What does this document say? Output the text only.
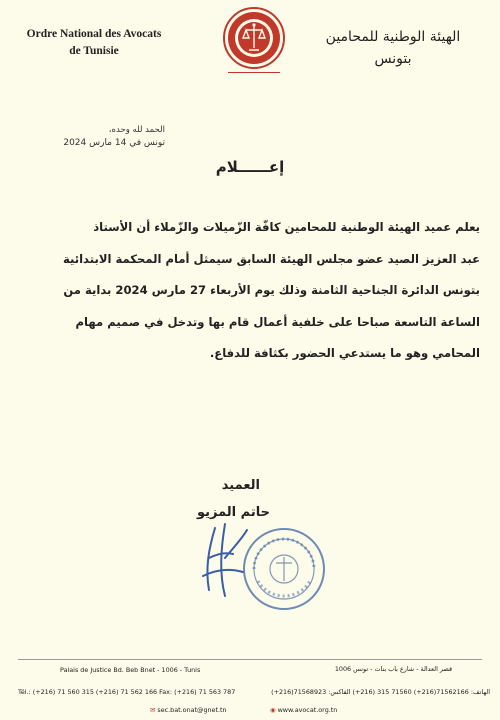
Ordre National des Avocats
de Tunisie
الهيئة الوطنية للمحامين
بتونس
الحمد لله وحده،
تونس في 14 مارس 2024
إعــــــلام
يعلم عميد الهيئة الوطنية للمحامين كافّة الزّميلات والزّملاء أن الأستاذ
عبد العزيز الصيد عضو مجلس الهيئة السابق سيمثل أمام المحكمة الابتدائية
بتونس الدائرة الجناحية الثامنة وذلك يوم الأربعاء 27 مارس 2024 بداية من
الساعة التاسعة صباحا على خلفية أعمال قام بها وتدخل في صميم مهام
المحامي وهو ما يستدعي الحضور بكثافة للدفاع.
العميد
حاتم المزيو
Palais de Justice Bd. Beb Bnet - 1006 - Tunis
Tél.: (+216) 71 560 315 (+216) 71 562 166 Fax: (+216) 71 563 787
قصر العدالة - شارع باب بنات - تونس 1006
الهاتف: 71562166(216+) 71560 315 (216+) الفاكس: 71568923(216+)
✉ sec.bat.onat@gnet.tn	◉ www.avocat.org.tn
